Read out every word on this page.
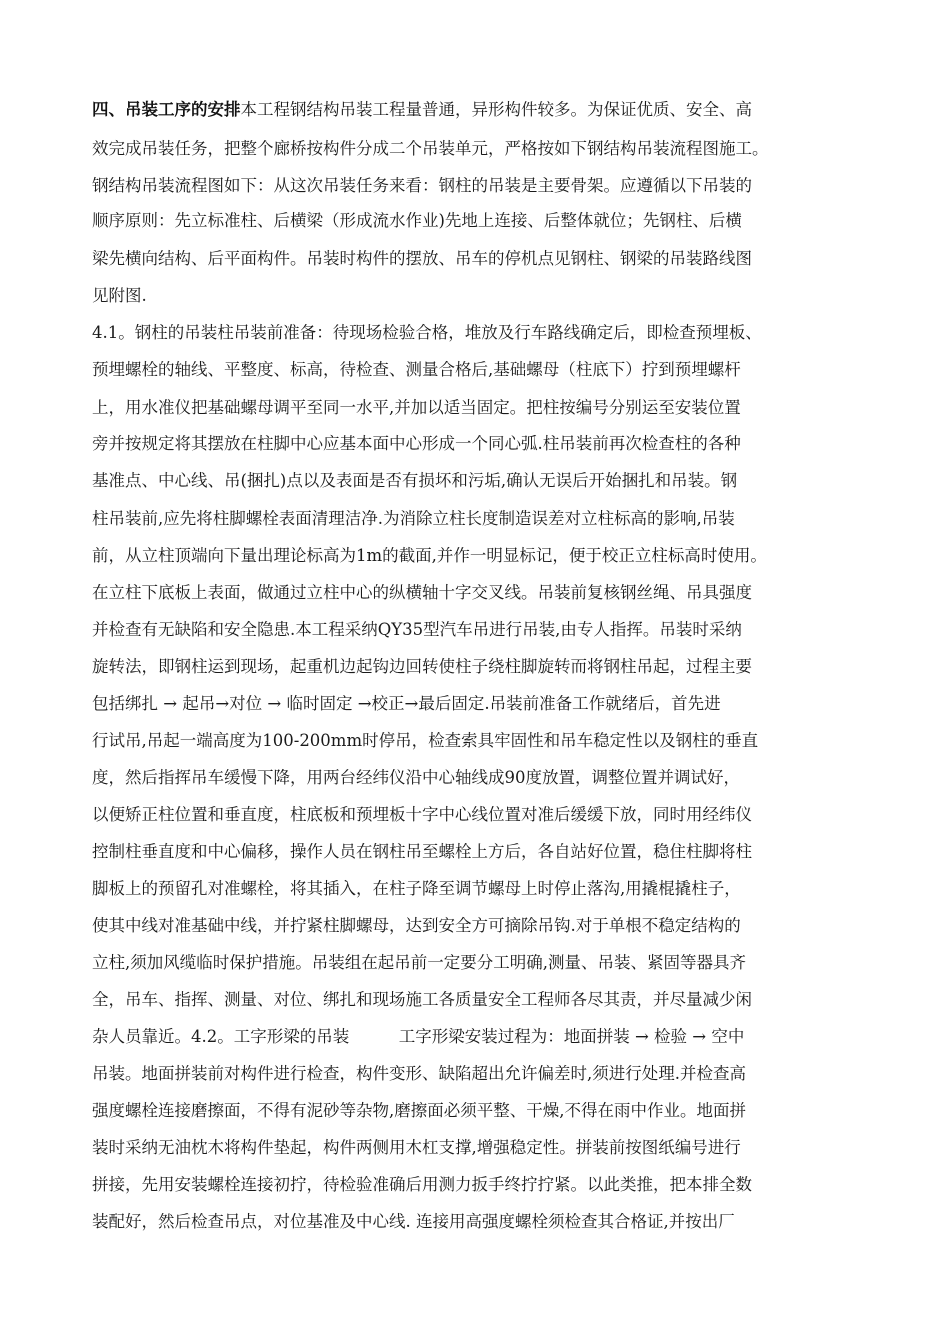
四、吊装工序的安排本工程钢结构吊装工程量普通，异形构件较多。为保证优质、安全、高
效完成吊装任务，把整个廊桥按构件分成二个吊装单元，严格按如下钢结构吊装流程图施工。
钢结构吊装流程图如下：从这次吊装任务来看：钢柱的吊装是主要骨架。应遵循以下吊装的
顺序原则：先立标准柱、后横梁（形成流水作业)先地上连接、后整体就位；先钢柱、后横
梁先横向结构、后平面构件。吊装时构件的摆放、吊车的停机点见钢柱、钢梁的吊装路线图
见附图.
4.1。钢柱的吊装柱吊装前准备：待现场检验合格，堆放及行车路线确定后，即检查预埋板、
预埋螺栓的轴线、平整度、标高，待检查、测量合格后,基础螺母（柱底下）拧到预埋螺杆
上，用水准仪把基础螺母调平至同一水平,并加以适当固定。把柱按编号分别运至安装位置
旁并按规定将其摆放在柱脚中心应基本面中心形成一个同心弧.柱吊装前再次检查柱的各种
基准点、中心线、吊(捆扎)点以及表面是否有损坏和污垢,确认无误后开始捆扎和吊装。钢
柱吊装前,应先将柱脚螺栓表面清理洁净.为消除立柱长度制造误差对立柱标高的影响,吊装
前，从立柱顶端向下量出理论标高为1m的截面,并作一明显标记，便于校正立柱标高时使用。
在立柱下底板上表面，做通过立柱中心的纵横轴十字交叉线。吊装前复核钢丝绳、吊具强度
并检查有无缺陷和安全隐患.本工程采纳QY35型汽车吊进行吊装,由专人指挥。吊装时采纳
旋转法，即钢柱运到现场，起重机边起钩边回转使柱子绕柱脚旋转而将钢柱吊起，过程主要
包括绑扎 → 起吊→对位 → 临时固定 →校正→最后固定.吊装前准备工作就绪后，首先进
行试吊,吊起一端高度为100-200mm时停吊，检查索具牢固性和吊车稳定性以及钢柱的垂直
度，然后指挥吊车缓慢下降，用两台经纬仪沿中心轴线成90度放置，调整位置并调试好，
以便矫正柱位置和垂直度，柱底板和预埋板十字中心线位置对准后缓缓下放，同时用经纬仪
控制柱垂直度和中心偏移，操作人员在钢柱吊至螺栓上方后，各自站好位置，稳住柱脚将柱
脚板上的预留孔对准螺栓，将其插入，在柱子降至调节螺母上时停止落沟,用撬棍撬柱子，
使其中线对准基础中线，并拧紧柱脚螺母，达到安全方可摘除吊钩.对于单根不稳定结构的
立柱,须加风缆临时保护措施。吊装组在起吊前一定要分工明确,测量、吊装、紧固等器具齐
全，吊车、指挥、测量、对位、绑扎和现场施工各质量安全工程师各尽其责，并尽量减少闲
杂人员靠近。4.2。工字形梁的吊装　　　工字形梁安装过程为：地面拼装 → 检验 → 空中
吊装。地面拼装前对构件进行检查，构件变形、缺陷超出允许偏差时,须进行处理.并检查高
强度螺栓连接磨擦面，不得有泥砂等杂物,磨擦面必须平整、干燥,不得在雨中作业。地面拼
装时采纳无油枕木将构件垫起，构件两侧用木杠支撑,增强稳定性。拼装前按图纸编号进行
拼接，先用安装螺栓连接初拧，待检验准确后用测力扳手终拧拧紧。以此类推，把本排全数
装配好，然后检查吊点，对位基准及中心线. 连接用高强度螺栓须检查其合格证,并按出厂
